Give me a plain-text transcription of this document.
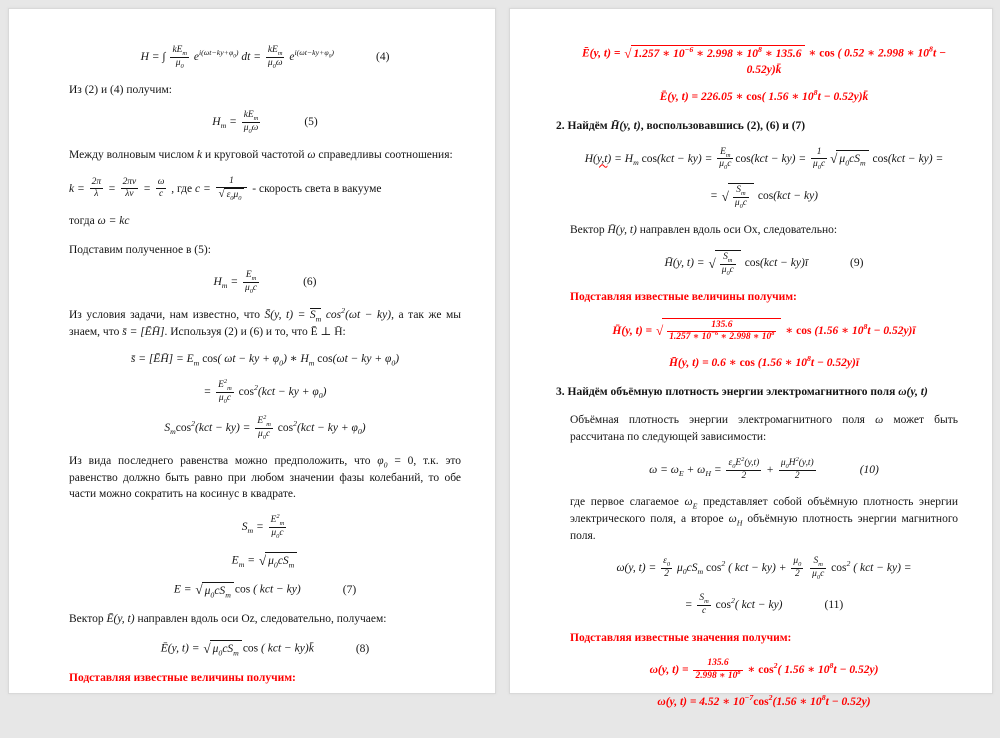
H = ∫
$kE_m$
$\mu_0$
$e^{i(\omega t-ky+\varphi_0)}$ dt =
$kE_m$
$\mu_0\omega$ $e^{i(\omega t-ky+\varphi_0)}$	(4)
Из (2) и (4) получим:
$H_m$ =
$kE_m$
$\mu_0\omega$	(5)
Между волновым числом k и круговой частотой ω справедливы соотношения:
$k = \frac{2\pi}{\lambda} = \frac{2\pi\nu}{\lambda\nu} = \frac{\omega}{c}$ , где $c = \frac{1}{√ \varepsilon_0\mu_0}$ - скорость света в вакууме
тогда ω = kc
Подставим полученное в (5):
$H_m = \frac{E_m}{\mu_0c}$	(6)
Из условия задачи, нам известно, что S̄(y, $t) = S_m$ $\cos^2(\omega t - ky)$, а так же мы знаем, что s̄ = [ĒH̄]. Используя (2) и (6) и то, что Ē ⊥ H̄:
s̄ = [ĒH̄] = $E_m$ cos( ωt − ky + $\varphi_0$) ∗ $H_m$ cos(ωt − ky + $\varphi_0$)
= $\frac{E^2_m}{\mu_0c} \cos^2(kct$ − ky + $\varphi_0$)
$S_m\cos^2(kct - ky) = \frac{E^2_m}{\mu_0c} \cos^2(kct$ − ky + $\varphi_0$)
Из вида последнего равенства можно предположить, что $\varphi_0 = 0$, т.к. это равенство должно быть равно при любом значении фазы колебаний, то обе части можно сократить на косинус в квадрате.
$S_m = \frac{E^2_m}{\mu_0c}$
$E_m$ = √ $\mu_0cS_m$
E = √ $\mu_0cS_m$ cos ( kct − ky)	(7)
Вектор Ē(y, t) направлен вдоль оси Oz, следовательно, получаем:
Ē(y, t) = √ $\mu_0cS_m$ cos ( kct − ky)k̄	(8)
Подставляя известные величины получим:
Ē(y, t) = √ 1.257 ∗ $10^{-6}$ ∗ 2.998 ∗ $10^8$ ∗ 135.6 ∗ cos ( 0.52 ∗ 2.998 ∗ $10^8t$ − 0.52y)k̄
Ē(y, t) = 226.05 ∗ cos( 1.56 ∗ $10^8t$ − 0.52y)k̄
2. Найдём H̄(y, t), воспользовавшись (2), (6) и (7)
$H(y,t) = H_m$ $\cos(kct - ky) = \frac{E_m}{\mu_0c} \cos(kct - ky) = \frac{1}{\mu_0c}$ √ $\mu_0cS_m$ cos(kct − ky) =
= √ $\frac{S_m}{\mu_0c} \cos(kct - ky)$
Вектор H̄(y, t) направлен вдоль оси Ox, следовательно:
H̄(y, t) = √ $\frac{S_m}{\mu_0c} \cos(kct$ − ky)ī	(9)
Подставляя известные величины получим:
H̄(y, t) = √ $\frac{135.6}{1.257 ∗ 10^{-6} ∗ 2.998 ∗ 10^8}$ ∗ cos (1.56 ∗ $10^8t$ − 0.52y)ī
H̄(y, t) = 0.6 ∗ cos (1.56 ∗ $10^8t$ − 0.52y)ī
3. Найдём объёмную плотность энергии электромагнитного поля ω(y, t)
Объёмная плотность энергии электромагнитного поля ω может быть рассчитана по следующей зависимости:
$\omega = \omega_E + \omega_H = \frac{\varepsilon_0E^2(y,t)}{2} + \frac{\mu_0H^2(y,t)}{2}$	(10)
где первое слагаемое $\omega_E$ представляет собой объёмную плотность энергии электрического поля, а второе $\omega_H$ объёмную плотность энергии магнитного поля.
ω(y, $t) = \frac{\varepsilon_0}{2} \mu_0cS_m$ $\cos^2$ ( kct − $ky) + \frac{\mu_0}{2}$
$\frac{S_m}{\mu_0c} \cos^2$ ( kct − ky) =
= $\frac{S_m}{c} \cos^2$( kct − ky)	(11)
Подставляя известные значения получим:
ω(y, $t) = \frac{135.6}{2.998 ∗ 10^8}$ ∗ $\cos^2$( 1.56 ∗ $10^8t - 0.52y$)
ω(y, t) = 4.52 ∗ $10^{-7}\cos^2(1.56$ ∗ $10^8t - 0.52y$)
